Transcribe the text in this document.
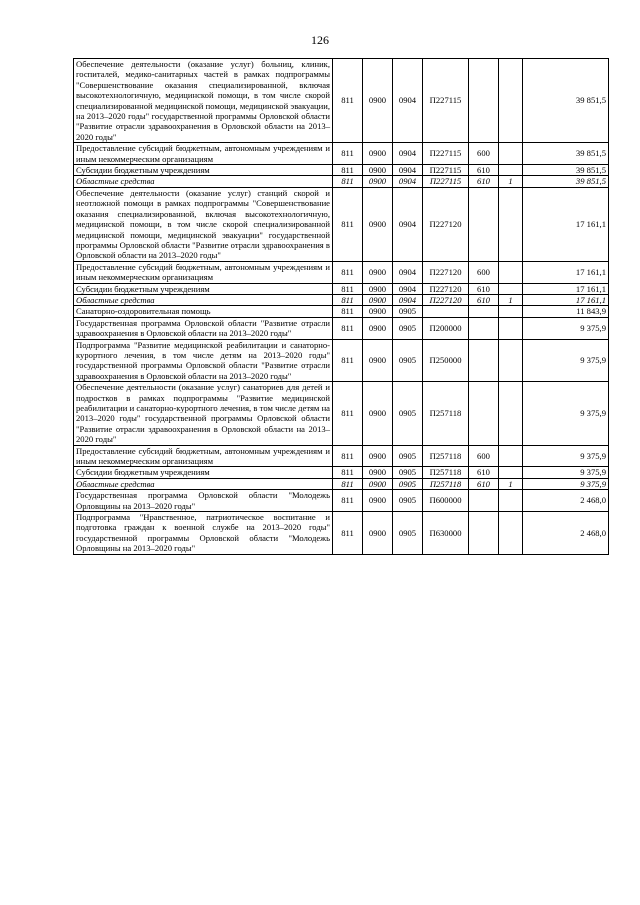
126
Обеспечение деятельности (оказание услуг) больниц, клиник, госпиталей, медико-санитарных частей в рамках подпрограммы "Совершенствование оказания специализированной, включая высокотехнологичную, медицинской помощи, в том числе скорой специализированной медицинской помощи, медицинской эвакуации, на 2013–2020 годы" государственной программы Орловской области "Развитие отрасли здравоохранения в Орловской области на 2013–2020 годы"	811	0900	0904	П227115			39 851,5
Предоставление субсидий бюджетным, автономным учреждениям и иным некоммерческим организациям	811	0900	0904	П227115	600		39 851,5
Субсидии бюджетным учреждениям	811	0900	0904	П227115	610		39 851,5
Областные средства	811	0900	0904	П227115	610	1	39 851,5
Обеспечение деятельности (оказание услуг) станций скорой и неотложной помощи в рамках подпрограммы "Совершенствование оказания специализированной, включая высокотехнологичную, медицинской помощи, в том числе скорой специализированной медицинской помощи, медицинской эвакуации" государственной программы Орловской области "Развитие отрасли здравоохранения в Орловской области на 2013–2020 годы"	811	0900	0904	П227120			17 161,1
Предоставление субсидий бюджетным, автономным учреждениям и иным некоммерческим организациям	811	0900	0904	П227120	600		17 161,1
Субсидии бюджетным учреждениям	811	0900	0904	П227120	610		17 161,1
Областные средства	811	0900	0904	П227120	610	1	17 161,1
Санаторно-оздоровительная помощь	811	0900	0905				11 843,9
Государственная программа Орловской области "Развитие отрасли здравоохранения в Орловской области на 2013–2020 годы"	811	0900	0905	П200000			9 375,9
Подпрограмма "Развитие медицинской реабилитации и санаторно-курортного лечения, в том числе детям на 2013–2020 годы" государственной программы Орловской области "Развитие отрасли здравоохранения в Орловской области на 2013–2020 годы"	811	0900	0905	П250000			9 375,9
Обеспечение деятельности (оказание услуг) санаториев для детей и подростков в рамках подпрограммы "Развитие медицинской реабилитации и санаторно-курортного лечения, в том числе детям на 2013–2020 годы" государственной программы Орловской области "Развитие отрасли здравоохранения в Орловской области на 2013–2020 годы"	811	0900	0905	П257118			9 375,9
Предоставление субсидий бюджетным, автономным учреждениям и иным некоммерческим организациям	811	0900	0905	П257118	600		9 375,9
Субсидии бюджетным учреждениям	811	0900	0905	П257118	610		9 375,9
Областные средства	811	0900	0905	П257118	610	1	9 375,9
Государственная программа Орловской области "Молодежь Орловщины на 2013–2020 годы"	811	0900	0905	П600000			2 468,0
Подпрограмма "Нравственное, патриотическое воспитание и подготовка граждан к военной службе на 2013–2020 годы" государственной программы Орловской области "Молодежь Орловщины на 2013–2020 годы"	811	0900	0905	П630000			2 468,0
